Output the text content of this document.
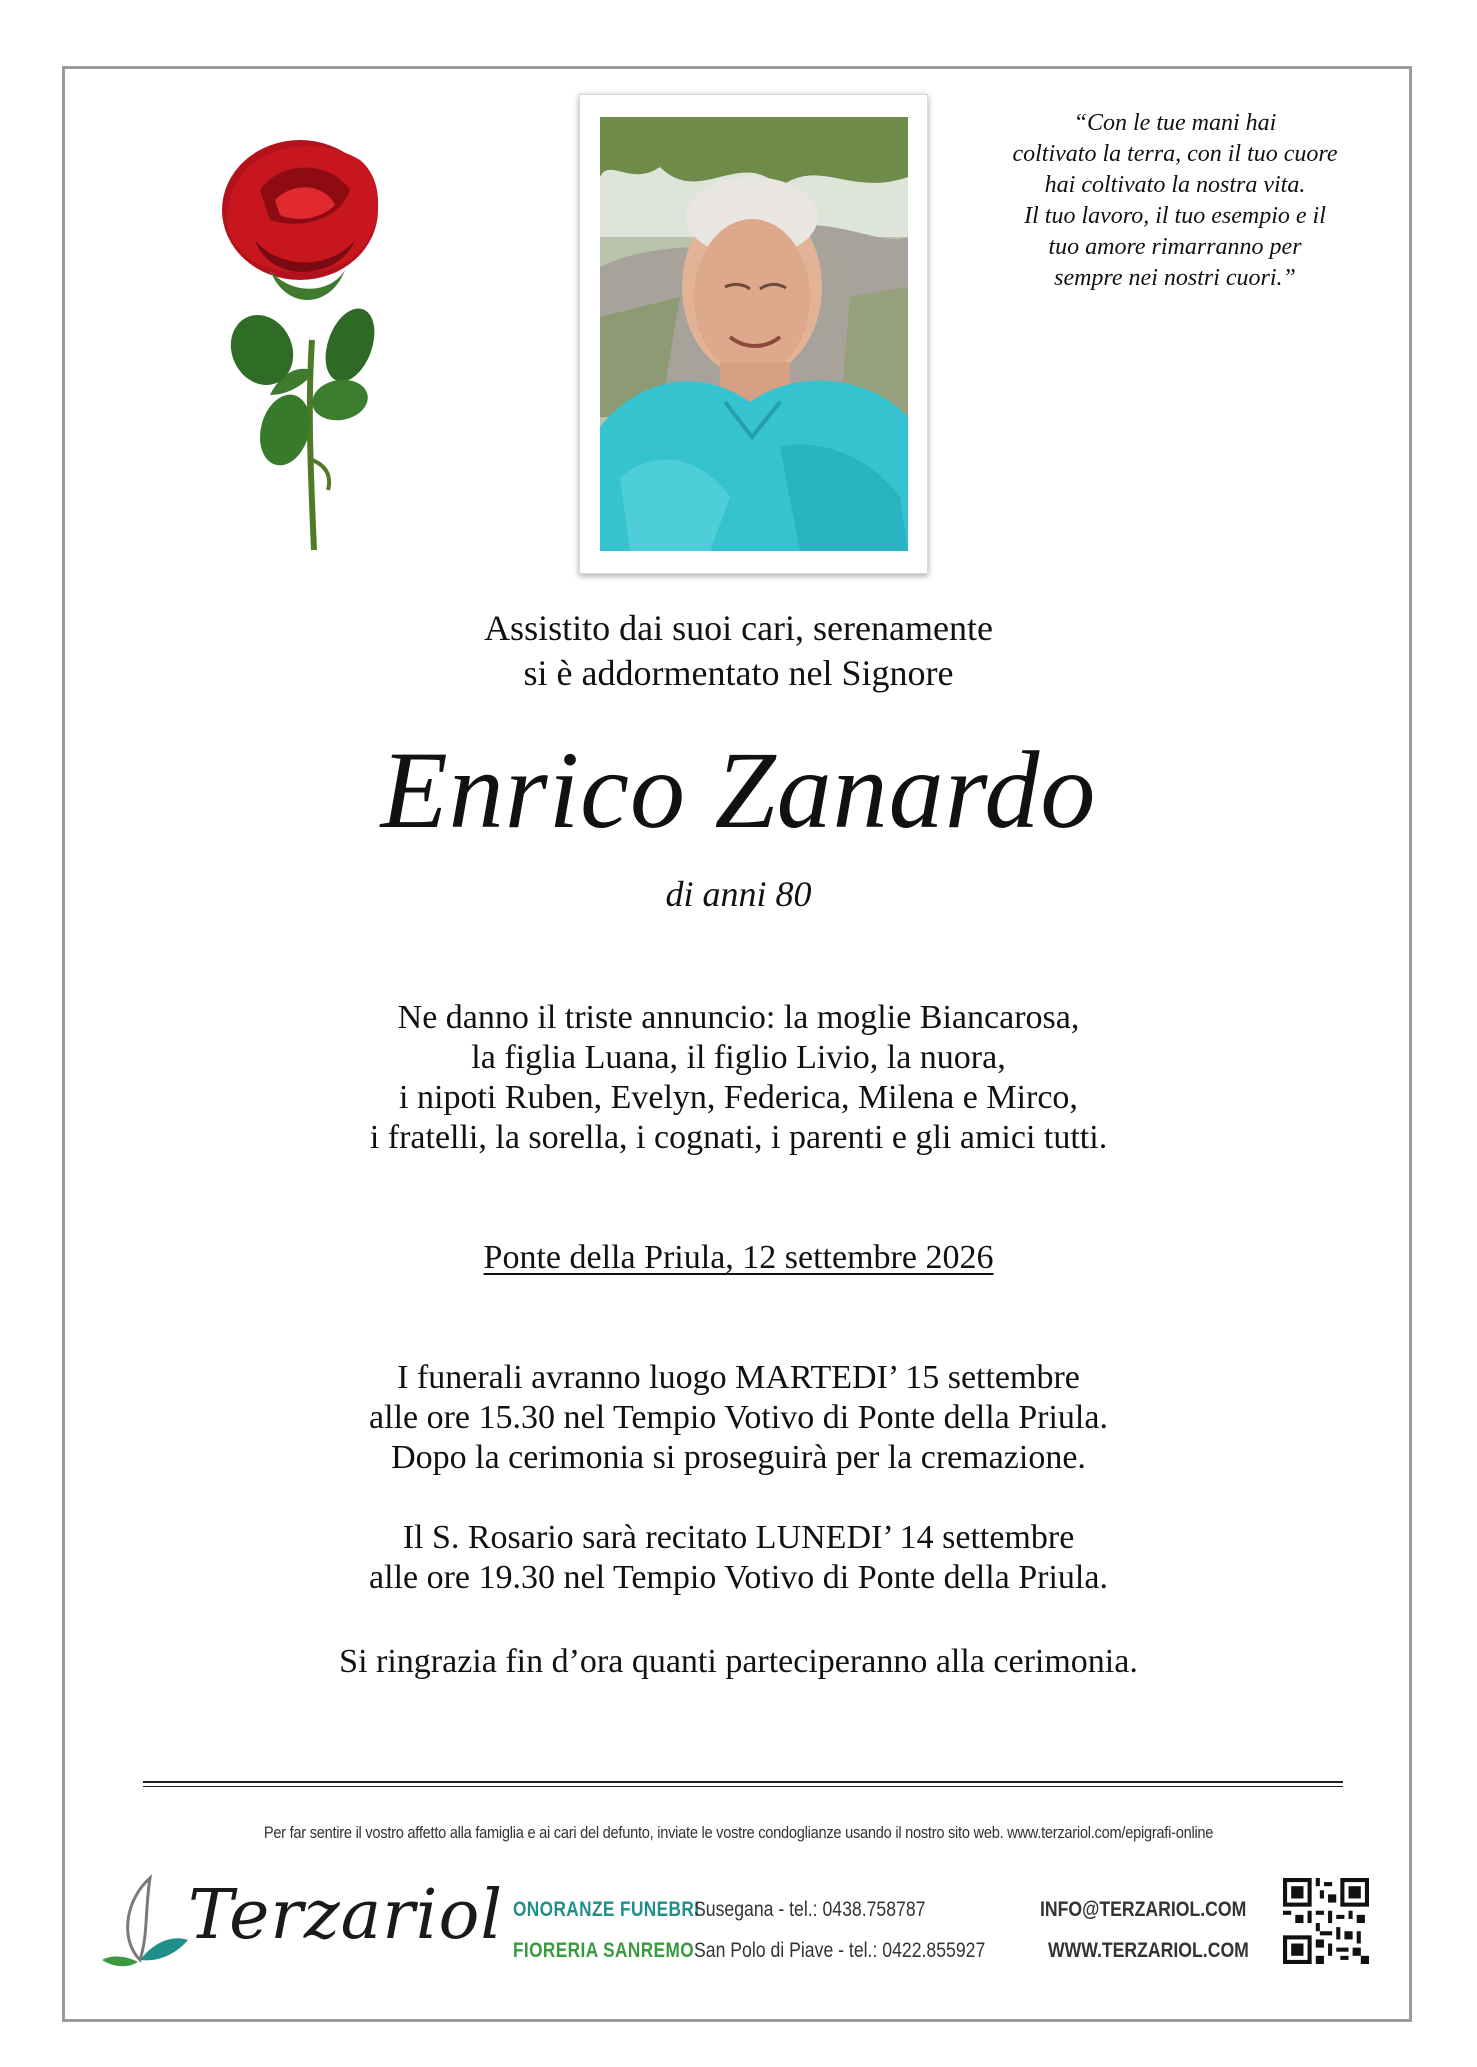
“Con le tue mani hai
coltivato la terra, con il tuo cuore
hai coltivato la nostra vita.
Il tuo lavoro, il tuo esempio e il
tuo amore rimarranno per
sempre nei nostri cuori.”
Assistito dai suoi cari, serenamente
si è addormentato nel Signore
Enrico Zanardo
di anni 80
Ne danno il triste annuncio: la moglie Biancarosa,
la figlia Luana, il figlio Livio, la nuora,
i nipoti Ruben, Evelyn, Federica, Milena e Mirco,
i fratelli, la sorella, i cognati, i parenti e gli amici tutti.
Ponte della Priula, 12 settembre 2026
I funerali avranno luogo MARTEDI’ 15 settembre
alle ore 15.30 nel Tempio Votivo di Ponte della Priula.
Dopo la cerimonia si proseguirà per la cremazione.
Il S. Rosario sarà recitato LUNEDI’ 14 settembre
alle ore 19.30 nel Tempio Votivo di Ponte della Priula.
Si ringrazia fin d’ora quanti parteciperanno alla cerimonia.
Per far sentire il vostro affetto alla famiglia e ai cari del defunto, inviate le vostre condoglianze usando il nostro sito web. www.terzariol.com/epigrafi-online
Terzariol ONORANZE FUNEBRI
FIORERIA SANREMO
Susegana - tel.: 0438.758787
San Polo di Piave - tel.: 0422.855927
INFO@TERZARIOL.COM
WWW.TERZARIOL.COM
